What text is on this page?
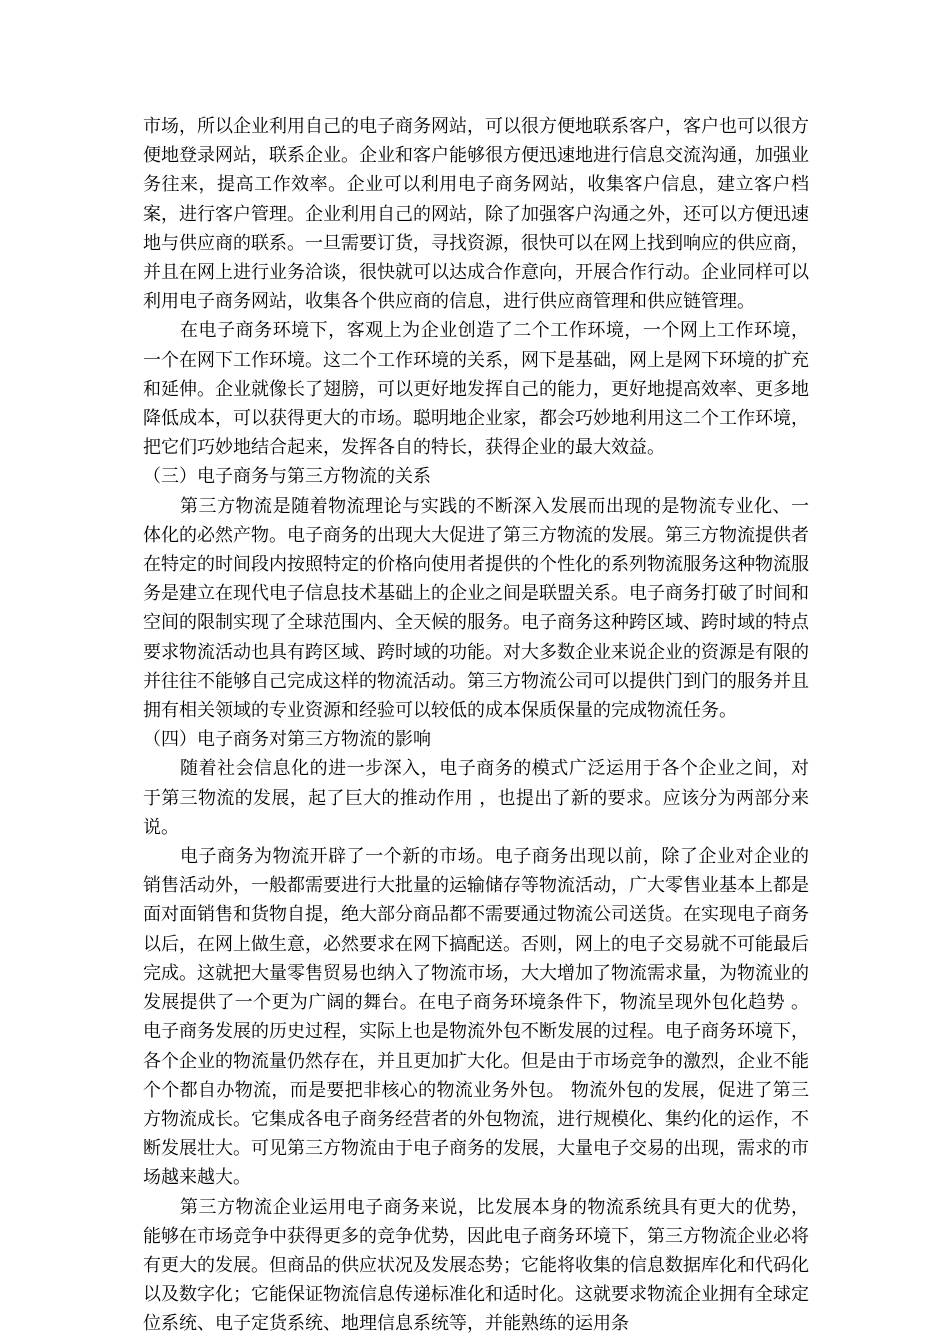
市场，所以企业利用自己的电子商务网站，可以很方便地联系客户，客户也可以很方便地登录网站，联系企业。企业和客户能够很方便迅速地进行信息交流沟通，加强业务往来，提高工作效率。企业可以利用电子商务网站，收集客户信息，建立客户档案，进行客户管理。企业利用自己的网站，除了加强客户沟通之外，还可以方便迅速地与供应商的联系。一旦需要订货，寻找资源，很快可以在网上找到响应的供应商，并且在网上进行业务洽谈，很快就可以达成合作意向，开展合作行动。企业同样可以利用电子商务网站，收集各个供应商的信息，进行供应商管理和供应链管理。

在电子商务环境下，客观上为企业创造了二个工作环境，一个网上工作环境，一个在网下工作环境。这二个工作环境的关系，网下是基础，网上是网下环境的扩充和延伸。企业就像长了翅膀，可以更好地发挥自己的能力，更好地提高效率、更多地降低成本，可以获得更大的市场。聪明地企业家，都会巧妙地利用这二个工作环境，把它们巧妙地结合起来，发挥各自的特长，获得企业的最大效益。

（三）电子商务与第三方物流的关系

第三方物流是随着物流理论与实践的不断深入发展而出现的是物流专业化、一体化的必然产物。电子商务的出现大大促进了第三方物流的发展。第三方物流提供者在特定的时间段内按照特定的价格向使用者提供的个性化的系列物流服务这种物流服务是建立在现代电子信息技术基础上的企业之间是联盟关系。电子商务打破了时间和空间的限制实现了全球范围内、全天候的服务。电子商务这种跨区域、跨时域的特点要求物流活动也具有跨区域、跨时域的功能。对大多数企业来说企业的资源是有限的并往往不能够自己完成这样的物流活动。第三方物流公司可以提供门到门的服务并且拥有相关领域的专业资源和经验可以较低的成本保质保量的完成物流任务。

（四）电子商务对第三方物流的影响

随着社会信息化的进一步深入，电子商务的模式广泛运用于各个企业之间，对于第三物流的发展，起了巨大的推动作用 ，也提出了新的要求。应该分为两部分来说。

电子商务为物流开辟了一个新的市场。电子商务出现以前，除了企业对企业的销售活动外，一般都需要进行大批量的运输储存等物流活动，广大零售业基本上都是面对面销售和货物自提，绝大部分商品都不需要通过物流公司送货。在实现电子商务以后，在网上做生意，必然要求在网下搞配送。否则，网上的电子交易就不可能最后完成。这就把大量零售贸易也纳入了物流市场，大大增加了物流需求量，为物流业的发展提供了一个更为广阔的舞台。在电子商务环境条件下，物流呈现外包化趋势 。电子商务发展的历史过程，实际上也是物流外包不断发展的过程。电子商务环境下，各个企业的物流量仍然存在，并且更加扩大化。但是由于市场竞争的激烈，企业不能个个都自办物流，而是要把非核心的物流业务外包。 物流外包的发展，促进了第三方物流成长。它集成各电子商务经营者的外包物流，进行规模化、集约化的运作，不断发展壮大。可见第三方物流由于电子商务的发展，大量电子交易的出现，需求的市场越来越大。

第三方物流企业运用电子商务来说，比发展本身的物流系统具有更大的优势，能够在市场竞争中获得更多的竞争优势，因此电子商务环境下，第三方物流企业必将有更大的发展。但商品的供应状况及发展态势；它能将收集的信息数据库化和代码化以及数字化；它能保证物流信息传递标准化和适时化。这就要求物流企业拥有全球定位系统、电子定货系统、地理信息系统等，并能熟练的运用条
